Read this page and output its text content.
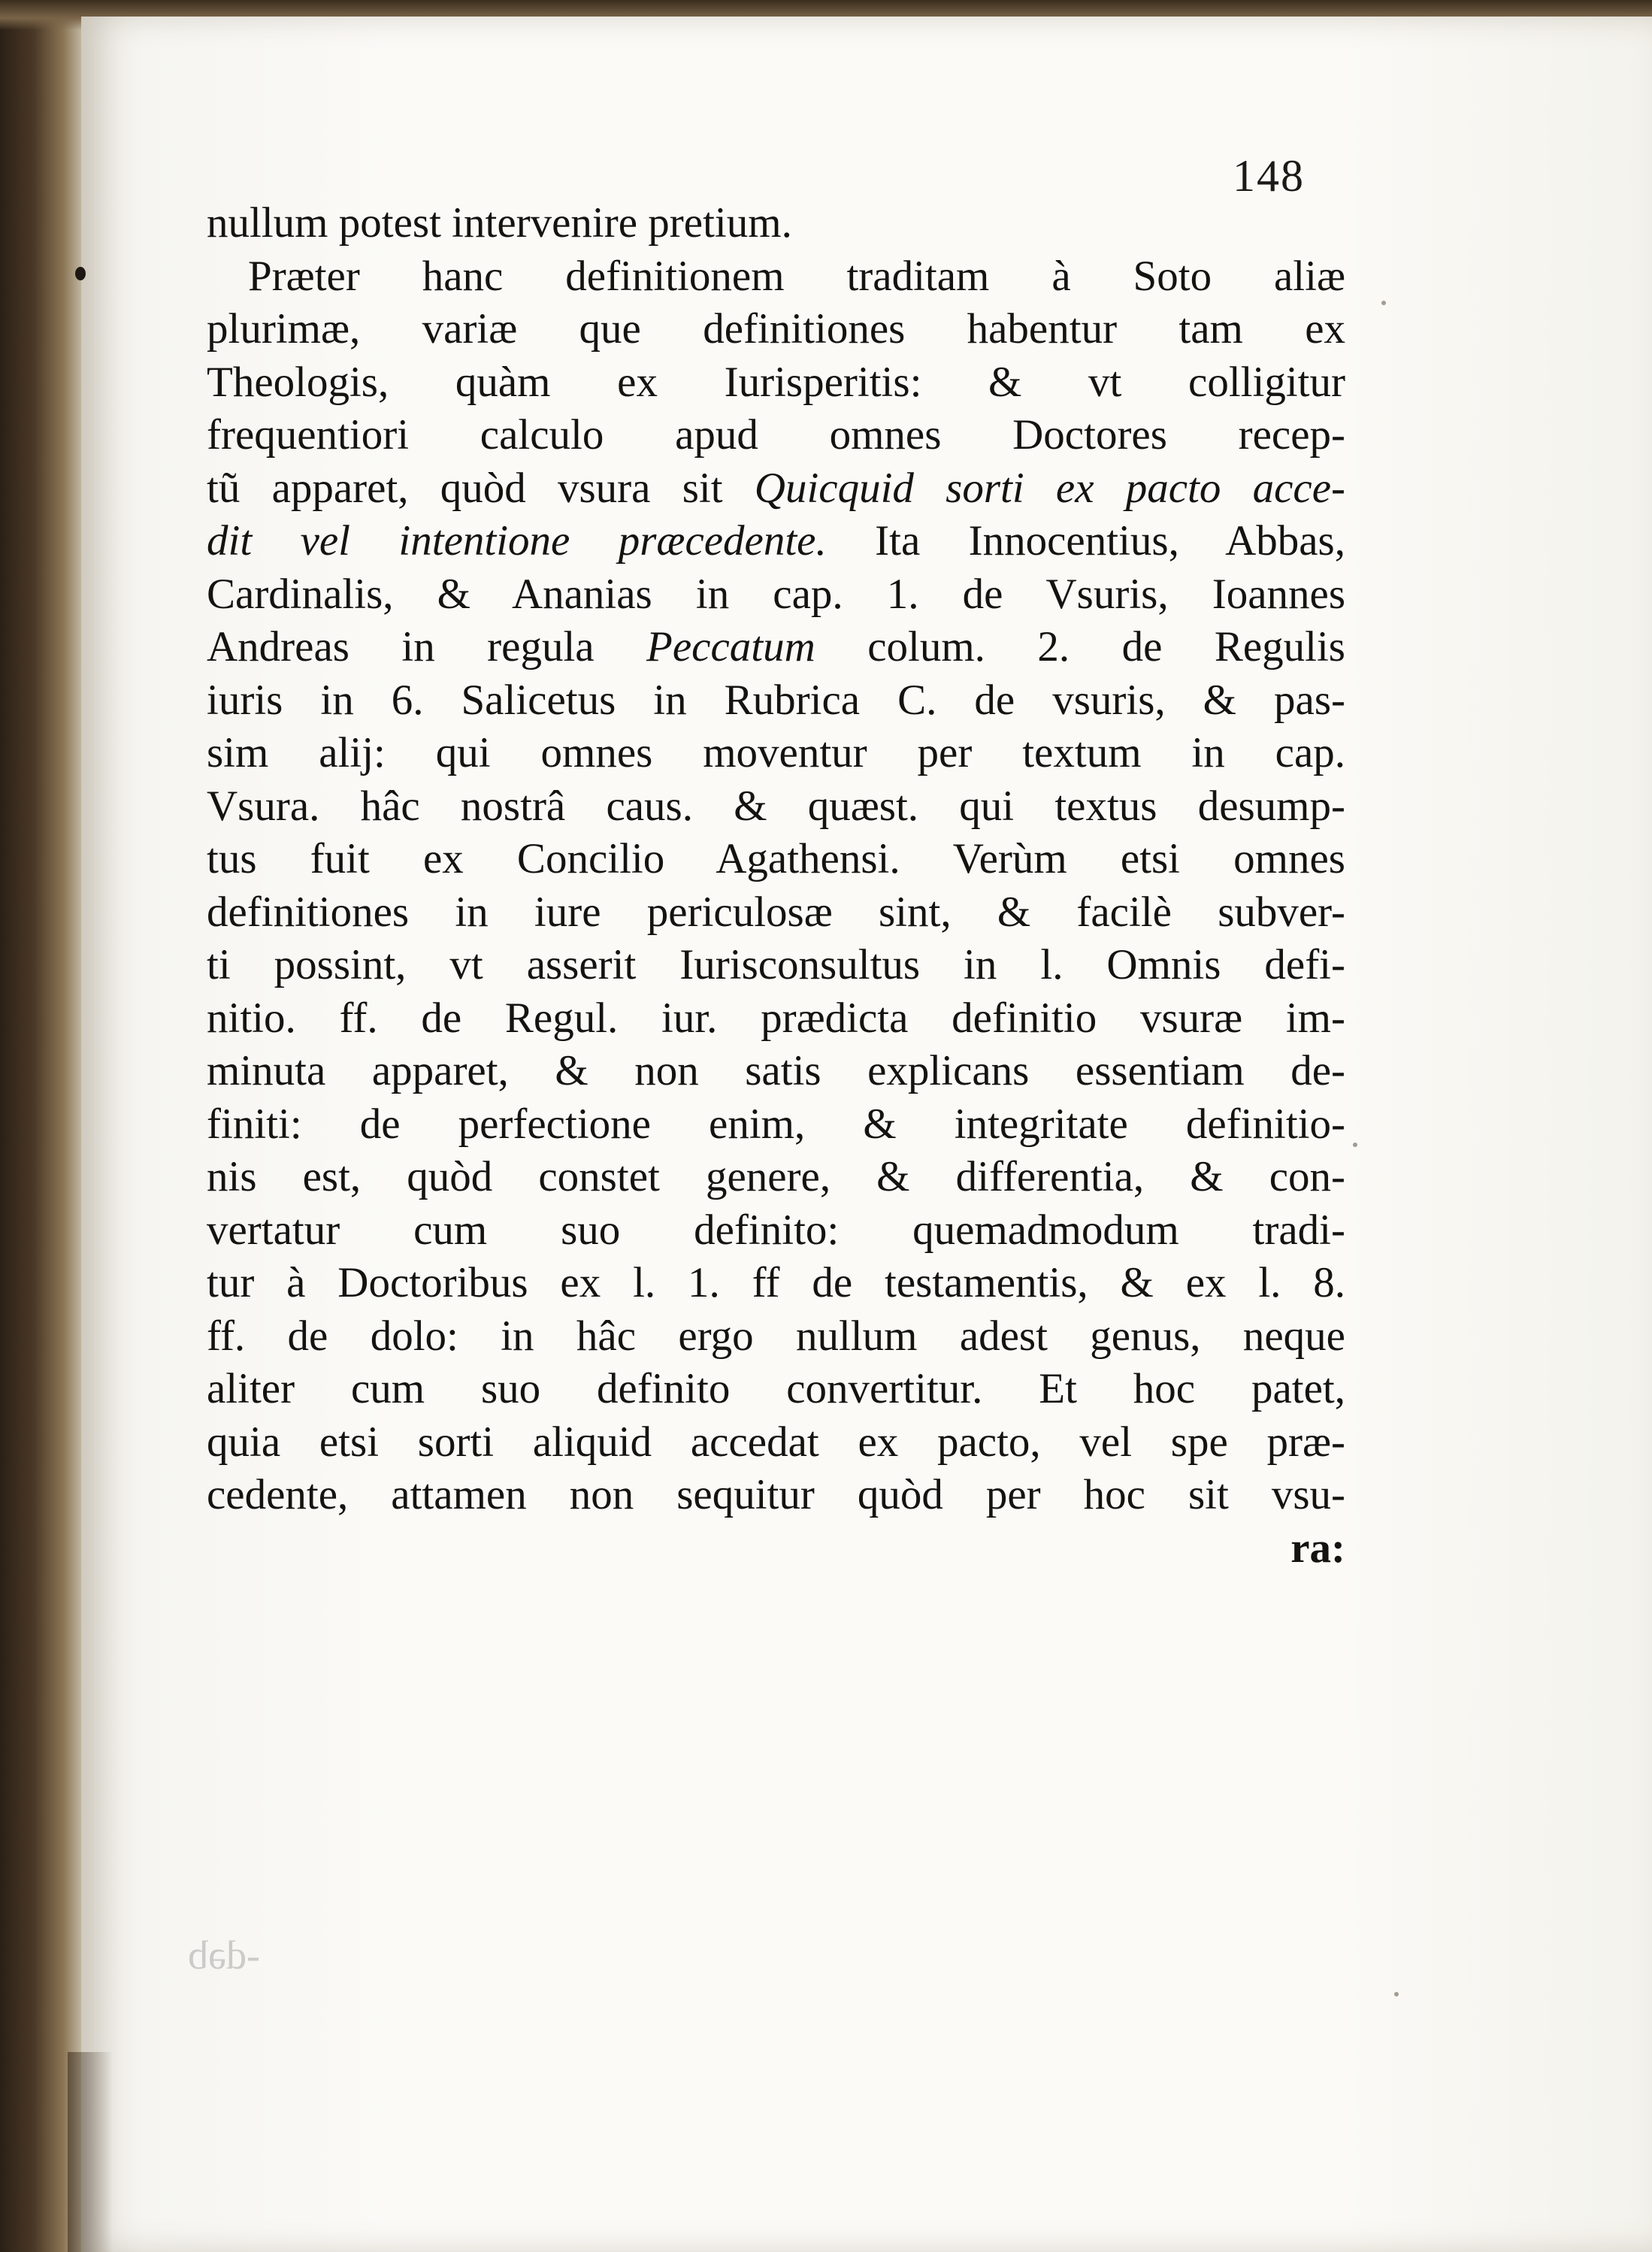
148
nullum potest intervenire pretium.
Præter hanc definitionem traditam à Soto aliæ
plurimæ, variæ que definitiones habentur tam ex
Theologis, quàm ex Iurisperitis: & vt colligitur
frequentiori calculo apud omnes Doctores recep-
tũ apparet, quòd vsura sit Quicquid sorti ex pacto acce-
dit vel intentione præcedente. Ita Innocentius, Abbas,
Cardinalis, & Ananias in cap. 1. de Vsuris, Ioannes
Andreas in regula Peccatum colum. 2. de Regulis
iuris in 6. Salicetus in Rubrica C. de vsuris, & pas-
sim alij: qui omnes moventur per textum in cap.
Vsura. hâc nostrâ caus. & quæst. qui textus desump-
tus fuit ex Concilio Agathensi. Verùm etsi omnes
definitiones in iure periculosæ sint, & facilè subver-
ti possint, vt asserit Iurisconsultus in l. Omnis defi-
nitio. ff. de Regul. iur. prædicta definitio vsuræ im-
minuta apparet, & non satis explicans essentiam de-
finiti: de perfectione enim, & integritate definitio-
nis est, quòd constet genere, & differentia, & con-
vertatur cum suo definito: quemadmodum tradi-
tur à Doctoribus ex l. 1. ff de testamentis, & ex l. 8.
ff. de dolo: in hâc ergo nullum adest genus, neque
aliter cum suo definito convertitur. Et hoc patet,
quia etsi sorti aliquid accedat ex pacto, vel spe præ-
cedente, attamen non sequitur quòd per hoc sit vsu-
ra:
-dəb
